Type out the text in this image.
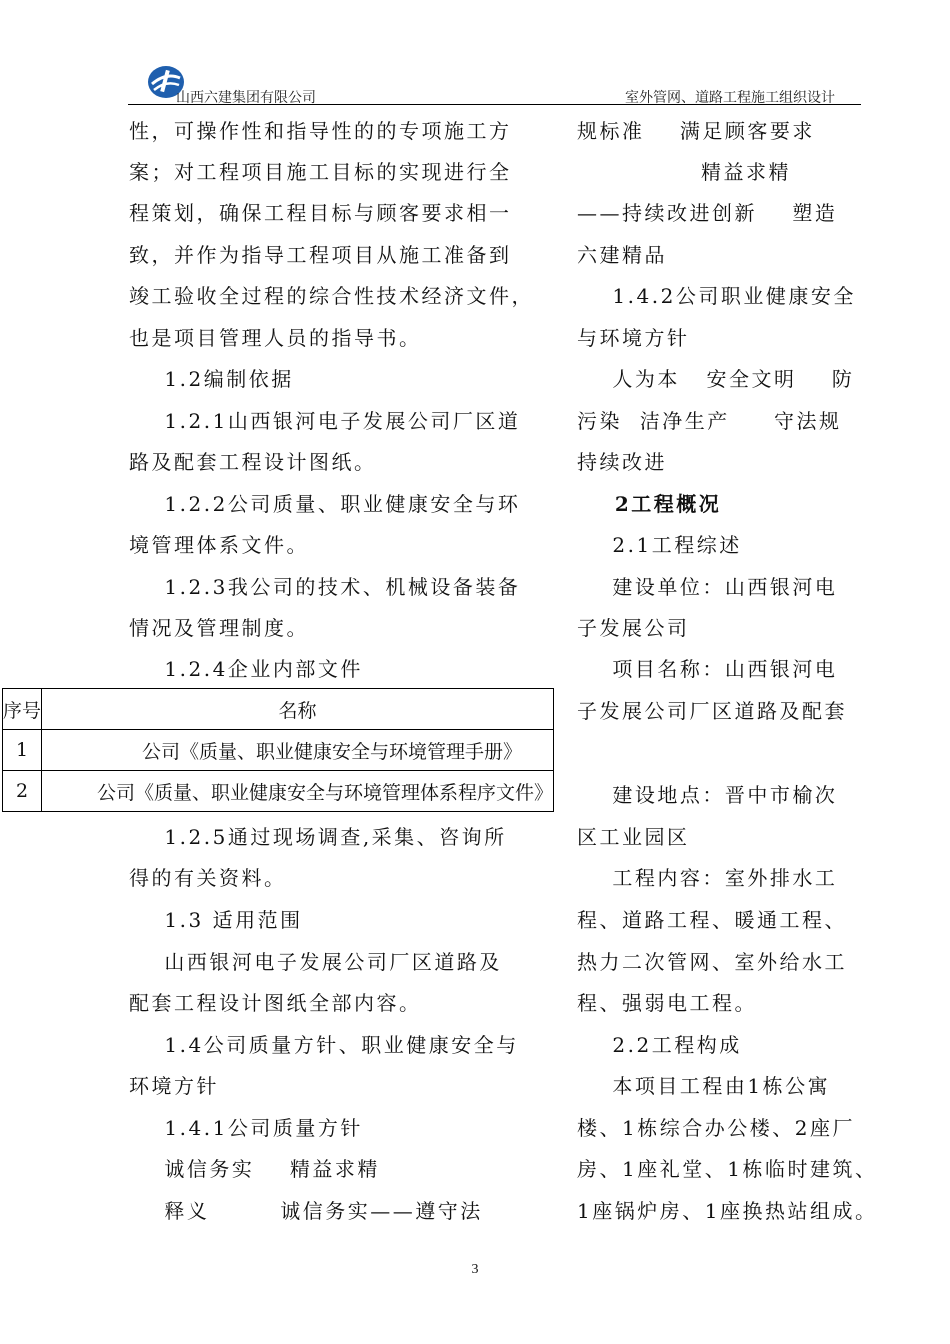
山西六建集团有限公司	室外管网、道路工程施工组织设计
性，可操作性和指导性的的专项施工方
案；对工程项目施工目标的实现进行全
程策划，确保工程目标与顾客要求相一
致，并作为指导工程项目从施工准备到
竣工验收全过程的综合性技术经济文件，
也是项目管理人员的指导书。
1.2编制依据
1.2.1山西银河电子发展公司厂区道
路及配套工程设计图纸。
1.2.2公司质量、职业健康安全与环
境管理体系文件。
1.2.3我公司的技术、机械设备装备
情况及管理制度。
1.2.4企业内部文件
1.2.5通过现场调查,采集、咨询所
得的有关资料。
1.3 适用范围
山西银河电子发展公司厂区道路及
配套工程设计图纸全部内容。
1.4公司质量方针、职业健康安全与
环境方针
1.4.1公司质量方针
诚信务实    精益求精
释义        诚信务实——遵守法
规标准    满足顾客要求
精益求精
——持续改进创新    塑造
六建精品
1.4.2公司职业健康安全
与环境方针
人为本   安全文明    防
污染  洁净生产     守法规
持续改进
2工程概况
2.1工程综述
建设单位：山西银河电
子发展公司
项目名称：山西银河电
子发展公司厂区道路及配套
建设地点：晋中市榆次
区工业园区
工程内容：室外排水工
程、道路工程、暖通工程、
热力二次管网、室外给水工
程、强弱电工程。
2.2工程构成
本项目工程由1栋公寓
楼、1栋综合办公楼、2座厂
房、1座礼堂、1栋临时建筑、
1座锅炉房、1座换热站组成。
序号	名称
1	公司《质量、职业健康安全与环境管理手册》
2	公司《质量、职业健康安全与环境管理体系程序文件》
3
